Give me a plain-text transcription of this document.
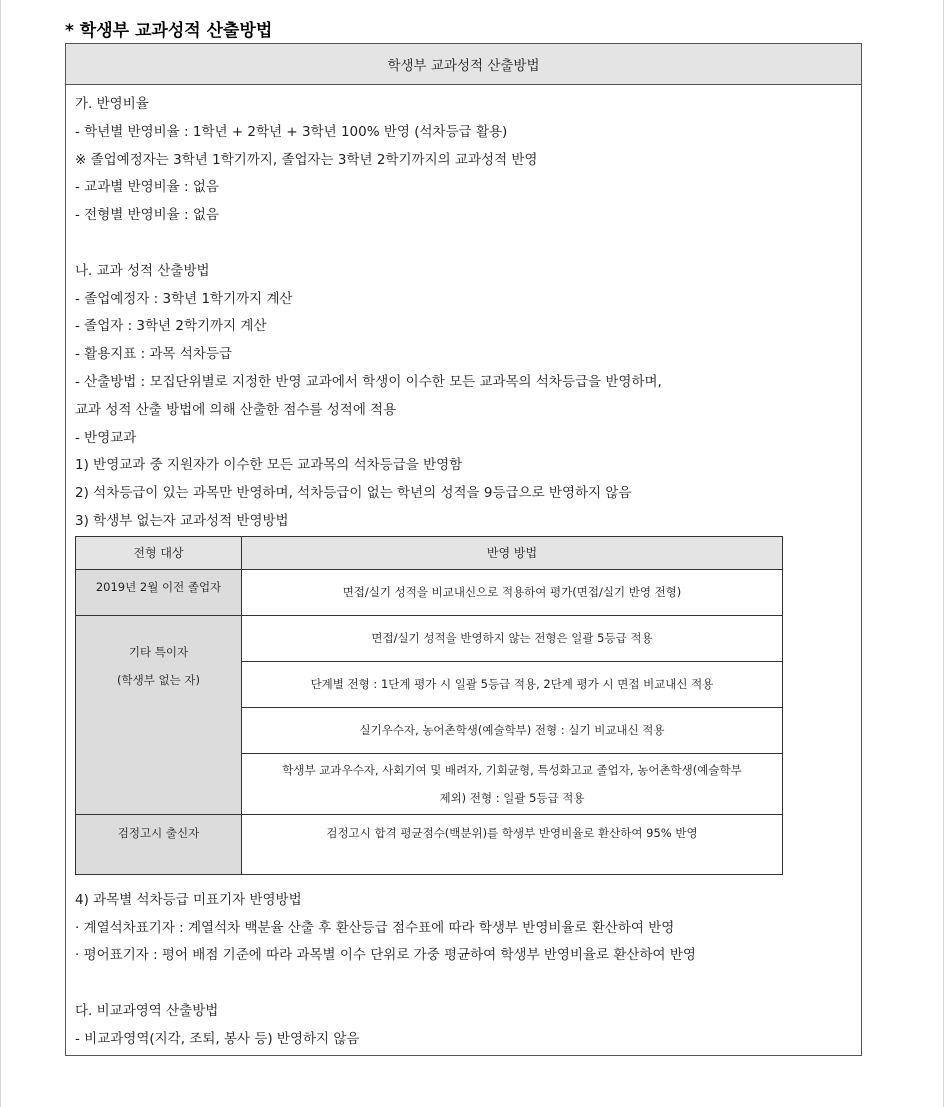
* 학생부 교과성적 산출방법
학생부 교과성적 산출방법
가. 반영비율
- 학년별 반영비율 : 1학년 + 2학년 + 3학년 100% 반영 (석차등급 활용)
※ 졸업예정자는 3학년 1학기까지, 졸업자는 3학년 2학기까지의 교과성적 반영
- 교과별 반영비율 : 없음
- 전형별 반영비율 : 없음
나. 교과 성적 산출방법
- 졸업예정자 : 3학년 1학기까지 계산
- 졸업자 : 3학년 2학기까지 계산
- 활용지표 : 과목 석차등급
- 산출방법 : 모집단위별로 지정한 반영 교과에서 학생이 이수한 모든 교과목의 석차등급을 반영하며,
교과 성적 산출 방법에 의해 산출한 점수를 성적에 적용
- 반영교과
1) 반영교과 중 지원자가 이수한 모든 교과목의 석차등급을 반영함
2) 석차등급이 있는 과목만 반영하며, 석차등급이 없는 학년의 성적을 9등급으로 반영하지 않음
3) 학생부 없는자 교과성적 반영방법
전형 대상	반영 방법

2019년 2월 이전 졸업자	면접/실기 성적을 비교내신으로 적용하여 평가(면접/실기 반영 전형)

기타 특이자
(학생부 없는 자)	면접/실기 성적을 반영하지 않는 전형은 일괄 5등급 적용
	단계별 전형 : 1단계 평가 시 일괄 5등급 적용, 2단계 평가 시 면접 비교내신 적용
	실기우수자, 농어촌학생(예술학부) 전형 : 실기 비교내신 적용

	학생부 교과우수자, 사회기여 및 배려자, 기회균형, 특성화고교 졸업자, 농어촌학생(예술학부
제외) 전형 : 일괄 5등급 적용

검정고시 출신자	검정고시 합격 평균점수(백분위)를 학생부 반영비율로 환산하여 95% 반영
4) 과목별 석차등급 미표기자 반영방법
· 계열석차표기자 : 계열석차 백분율 산출 후 환산등급 점수표에 따라 학생부 반영비율로 환산하여 반영
· 평어표기자 : 평어 배점 기준에 따라 과목별 이수 단위로 가중 평균하여 학생부 반영비율로 환산하여 반영
다. 비교과영역 산출방법
- 비교과영역(지각, 조퇴, 봉사 등) 반영하지 않음
